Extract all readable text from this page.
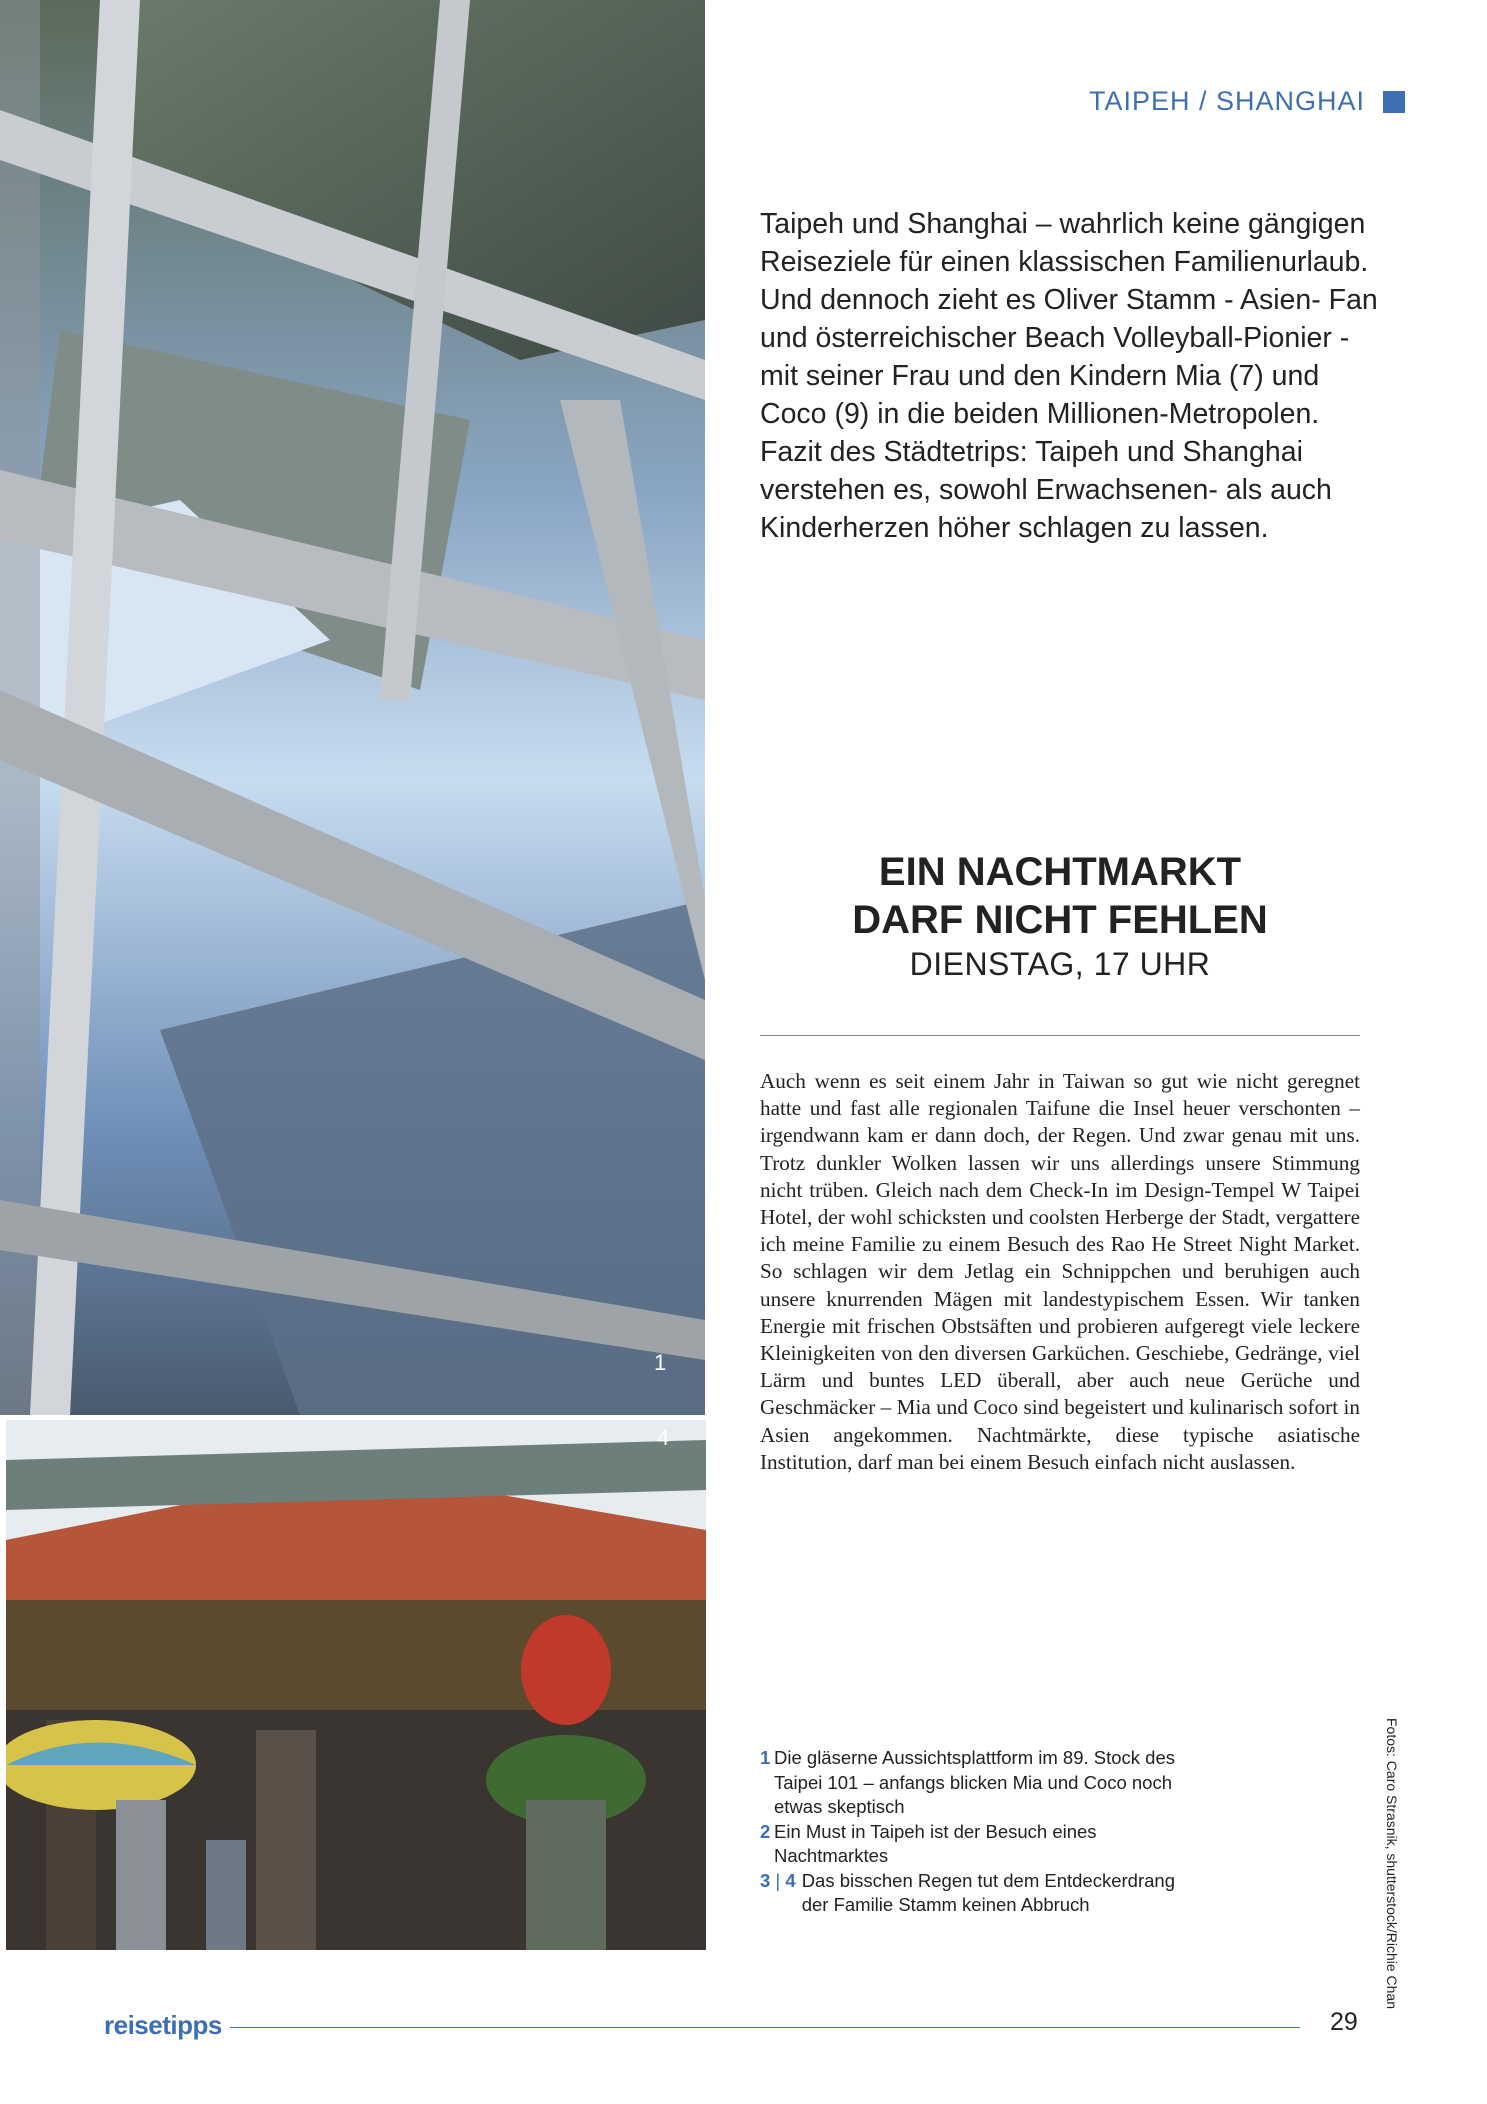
1
4
TAIPEH / SHANGHAI
Taipeh und Shanghai – wahrlich keine gängigen Reiseziele für einen klassischen Familienurlaub. Und dennoch zieht es Oliver Stamm - Asien- Fan und österreichischer Beach Volleyball-Pionier - mit seiner Frau und den Kindern Mia (7) und Coco (9) in die beiden Millionen-Metropolen. Fazit des Städtetrips: Taipeh und Shanghai verstehen es, sowohl Erwachsenen- als auch Kinderherzen höher schlagen zu lassen.
EIN NACHTMARKT
DARF NICHT FEHLEN
DIENSTAG, 17 UHR
Auch wenn es seit einem Jahr in Taiwan so gut wie nicht geregnet hatte und fast alle regionalen Taifune die Insel heuer verschonten – irgendwann kam er dann doch, der Regen. Und zwar genau mit uns. Trotz dunkler Wolken lassen wir uns allerdings unsere Stimmung nicht trüben. Gleich nach dem Check-In im Design-Tempel W Taipei Hotel, der wohl schicksten und coolsten Herberge der Stadt, vergattere ich meine Familie zu einem Besuch des Rao He Street Night Market. So schlagen wir dem Jetlag ein Schnippchen und beruhigen auch unsere knurrenden Mägen mit landestypischem Essen. Wir tanken Energie mit frischen Obstsäften und probieren aufgeregt viele leckere Kleinigkeiten von den diversen Garküchen. Geschiebe, Gedränge, viel Lärm und buntes LED überall, aber auch neue Gerüche und Geschmäcker – Mia und Coco sind begeistert und kulinarisch sofort in Asien angekommen. Nachtmärkte, diese typische asiatische Institution, darf man bei einem Besuch einfach nicht auslassen.
1 Die gläserne Aussichtsplattform im 89. Stock des Taipei 101 – anfangs blicken Mia und Coco noch etwas skeptisch
2 Ein Must in Taipeh ist der Besuch eines Nachtmarktes
3 | 4 Das bisschen Regen tut dem Entdeckerdrang der Familie Stamm keinen Abbruch	Fotos: Caro Strasnik, shutterstock/Richie Chan
reisetipps	29
